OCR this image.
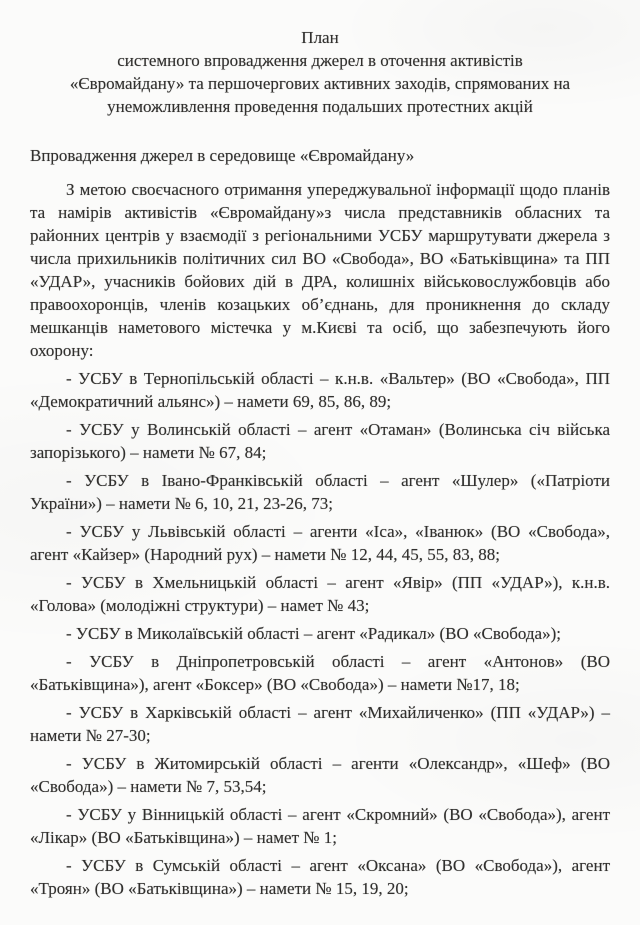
План
системного впровадження джерел в оточення активістів
«Євромайдану» та першочергових активних заходів, спрямованих на
унеможливлення проведення подальших протестних акцій
Впровадження джерел в середовище «Євромайдану»

З метою своєчасного отримання упереджувальної інформації щодо планів та намірів активістів «Євромайдану»з числа представників обласних та районних центрів у взаємодії з регіональними УСБУ маршрутувати джерела з числа прихильників політичних сил ВО «Свобода», ВО «Батьківщина» та ПП «УДАР», учасників бойових дій в ДРА, колишніх військовослужбовців або правоохоронців, членів козацьких об’єднань, для проникнення до складу мешканців наметового містечка у м.Києві та осіб, що забезпечують його охорону:

- УСБУ в Тернопільській області – к.н.в. «Вальтер» (ВО «Свобода», ПП «Демократичний альянс») – намети 69, 85, 86, 89;

- УСБУ у Волинській області – агент «Отаман» (Волинська січ війська запорізького) – намети № 67, 84;

- УСБУ в Івано-Франківській області – агент «Шулер» («Патріоти України») – намети № 6, 10, 21, 23-26, 73;

- УСБУ у Львівській області – агенти «Іса», «Іванюк» (ВО «Свобода», агент «Кайзер» (Народний рух) – намети № 12, 44, 45, 55, 83, 88;

- УСБУ в Хмельницькій області – агент «Явір» (ПП «УДАР»), к.н.в. «Голова» (молодіжні структури) – намет № 43;

- УСБУ в Миколаївській області – агент «Радикал» (ВО «Свобода»);

- УСБУ в Дніпропетровській області – агент «Антонов» (ВО «Батьківщина»), агент «Боксер» (ВО «Свобода») – намети №17, 18;

- УСБУ в Харківській області – агент «Михайличенко» (ПП «УДАР») – намети № 27-30;

- УСБУ в Житомирській області – агенти «Олександр», «Шеф» (ВО «Свобода») – намети № 7, 53,54;

- УСБУ у Вінницькій області – агент «Скромний» (ВО «Свобода»), агент «Лікар» (ВО «Батьківщина») – намет № 1;

- УСБУ в Сумській області – агент «Оксана» (ВО «Свобода»), агент «Троян» (ВО «Батьківщина») – намети № 15, 19, 20;
